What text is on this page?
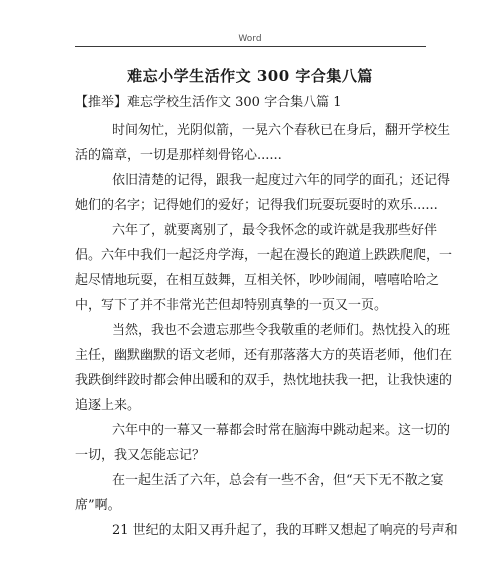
Word
难忘小学生活作文 300 字合集八篇
【推举】难忘学校生活作文 300 字合集八篇 1
时间匆忙，光阴似箭，一晃六个春秋已在身后，翻开学校生
活的篇章，一切是那样刻骨铭心......
依旧清楚的记得，跟我一起度过六年的同学的面孔；还记得
她们的名字；记得她们的爱好；记得我们玩耍玩耍时的欢乐......
六年了，就要离别了，最令我怀念的或许就是我那些好伴
侣。六年中我们一起泛舟学海，一起在漫长的跑道上跌跌爬爬，一
起尽情地玩耍，在相互鼓舞，互相关怀，吵吵闹闹，嘻嘻哈哈之
中，写下了并不非常光芒但却特别真挚的一页又一页。
当然，我也不会遗忘那些令我敬重的老师们。热忱投入的班
主任，幽默幽默的语文老师，还有那落落大方的英语老师，他们在
我跌倒绊跤时都会伸出暖和的双手，热忱地扶我一把，让我快速的
追逐上来。
六年中的一幕又一幕都会时常在脑海中跳动起来。这一切的
一切，我又怎能忘记？
在一起生活了六年，总会有一些不舍，但“天下无不散之宴
席”啊。
21 世纪的太阳又再升起了，我的耳畔又想起了响亮的号声和
